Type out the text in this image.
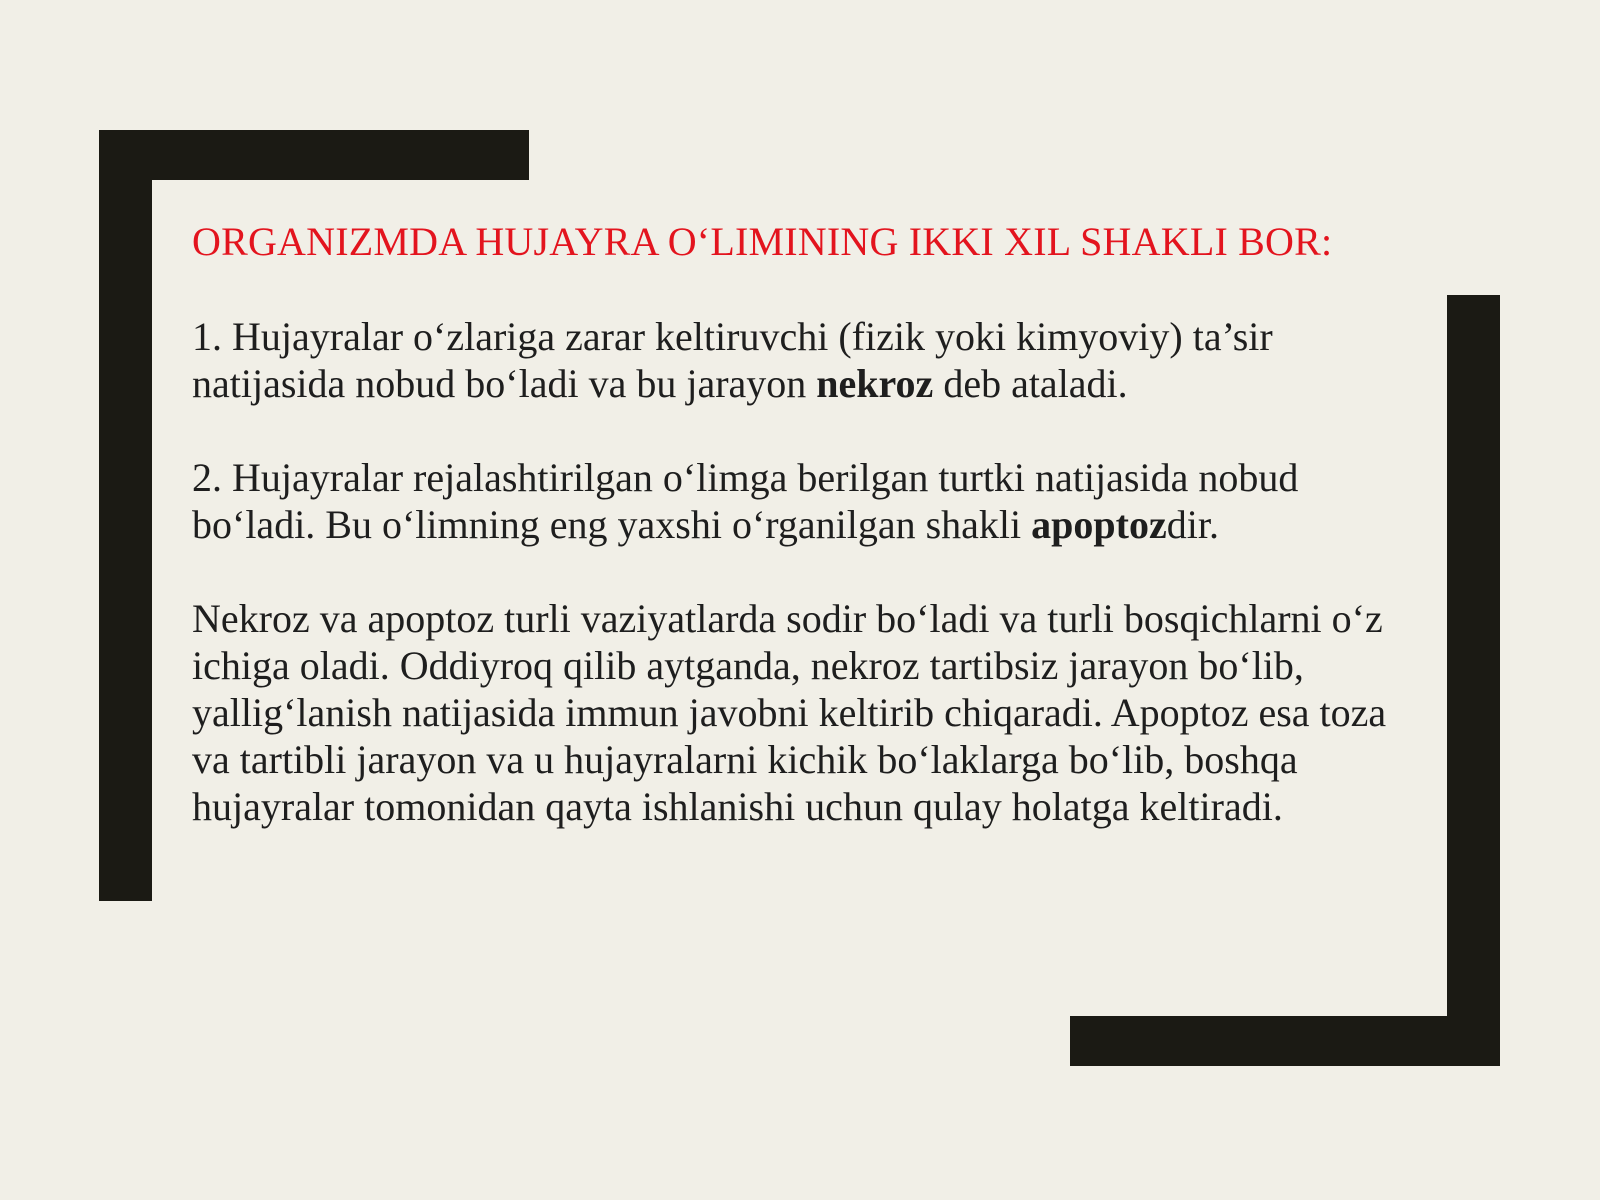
ORGANIZMDA HUJAYRA O‘LIMINING IKKI XIL SHAKLI BOR:

1. Hujayralar o‘zlariga zarar keltiruvchi (fizik yoki kimyoviy) ta’sir natijasida nobud bo‘ladi va bu jarayon nekroz deb ataladi.

2. Hujayralar rejalashtirilgan o‘limga berilgan turtki natijasida nobud bo‘ladi. Bu o‘limning eng yaxshi o‘rganilgan shakli apoptozdir.

Nekroz va apoptoz turli vaziyatlarda sodir bo‘ladi va turli bosqichlarni o‘z ichiga oladi. Oddiyroq qilib aytganda, nekroz tartibsiz jarayon bo‘lib, yallig‘lanish natijasida immun javobni keltirib chiqaradi. Apoptoz esa toza va tartibli jarayon va u hujayralarni kichik bo‘laklarga bo‘lib, boshqa hujayralar tomonidan qayta ishlanishi uchun qulay holatga keltiradi.
